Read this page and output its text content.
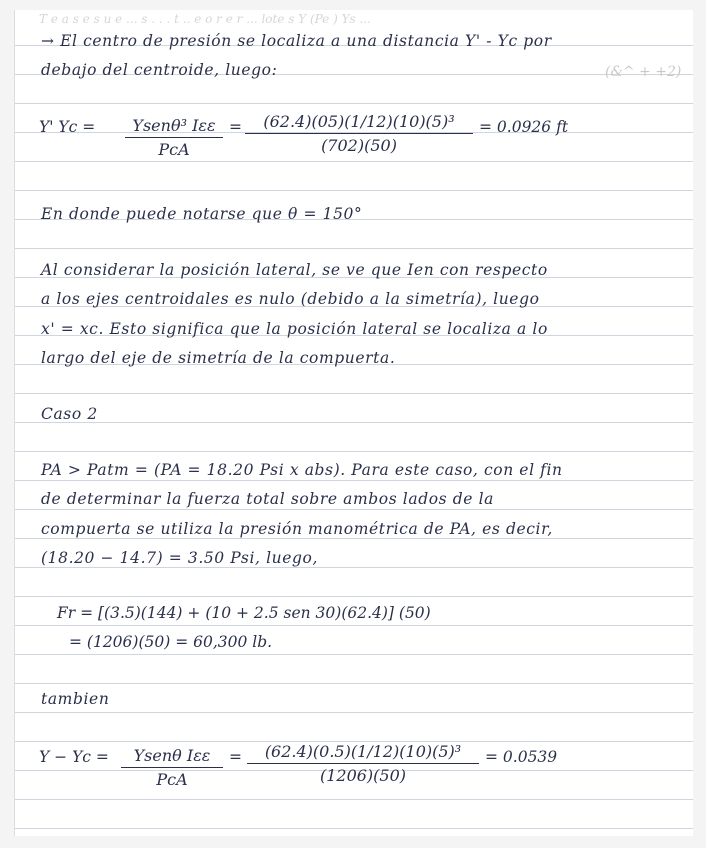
T e a s e s u e ... s . . . t .. e o r e r ... lote s Y (Pe ) Ys ...
(&^ + +2)
→ El centro de presión se localiza a una distancia Y' - Yc por
debajo del centroide, luego:
Y' Yc =	Ysenθ³ I​εε
PcA
= $\frac{\text{(62.4)(05)(1/12)(10)(5)³}}{(702)(50)} = 0.0926$ ft
En donde puede notarse que θ = 150°
Al considerar la posición lateral, se ve que Ien con respecto
a los ejes centroidales es nulo (debido a la simetría), luego
x' = xc. Esto significa que la posición lateral se localiza a lo
largo del eje de simetría de la compuerta.
Caso 2
PA > Patm = (PA = 18.20 Psi x abs). Para este caso, con el fin
de determinar la fuerza total sobre ambos lados de la
compuerta se utiliza la presión manométrica de PA, es decir,
(18.20 − 14.7) = 3.50 Psi, luego,
Fr = [(3.5)(144) + (10 + 2.5 sen 30)(62.4)] (50)
= (1206)(50) = 60,300 lb.
tambien
Y − Yc =	Ysenθ Iεε
PcA
= $\frac{\text{(62.4)(0.5)(1/12)(10)(5)³}}{(1206)(50)} = 0.0539$
